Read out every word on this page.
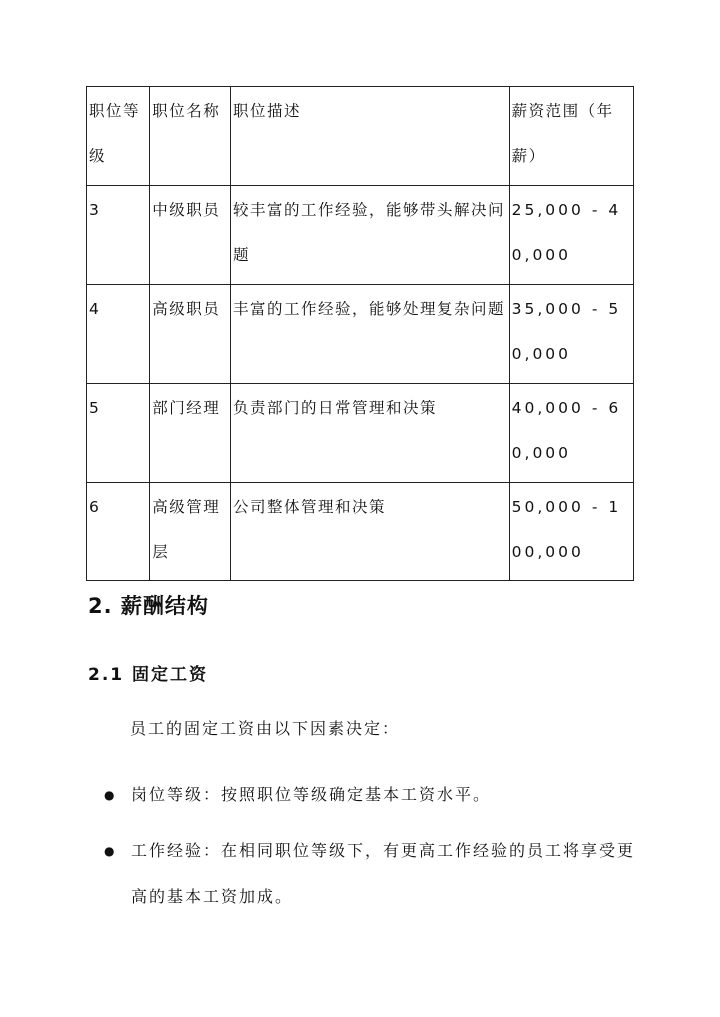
职位等级	职位名称	职位描述	薪资范围（年薪）
3	中级职员	较丰富的工作经验，能够带头解决问题	25,000 - 40,000
4	高级职员	丰富的工作经验，能够处理复杂问题	35,000 - 50,000
5	部门经理	负责部门的日常管理和决策	40,000 - 60,000
6	高级管理层	公司整体管理和决策	50,000 - 100,000
2. 薪酬结构
2.1 固定工资

员工的固定工资由以下因素决定：

● 岗位等级：按照职位等级确定基本工资水平。
● 工作经验：在相同职位等级下，有更高工作经验的员工将享受更高的基本工资加成。
